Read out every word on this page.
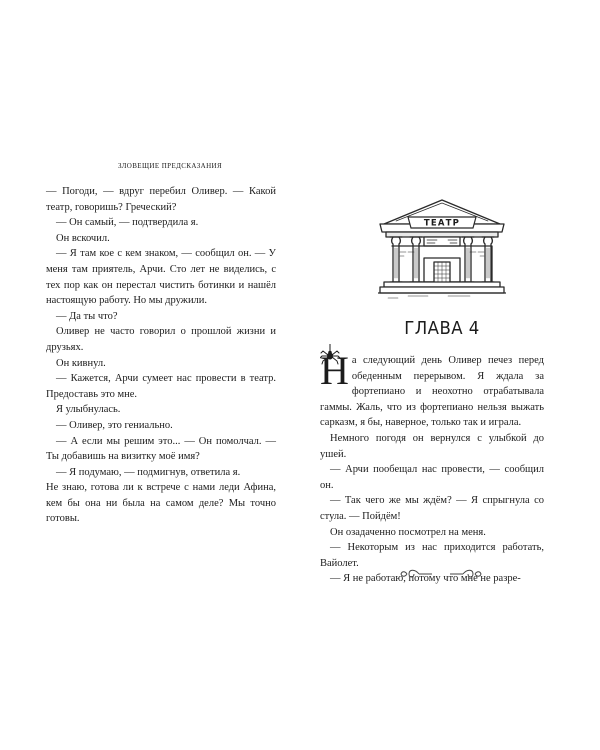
ЗЛОВЕЩИЕ ПРЕДСКАЗАНИЯ

— Погоди, — вдруг перебил Оливер. — Какой театр, говоришь? Греческий?

— Он самый, — подтвердила я.

Он вскочил.

— Я там кое с кем знаком, — сообщил он. — У меня там приятель, Арчи. Сто лет не виделись, с тех пор как он перестал чистить ботинки и нашёл настоящую работу. Но мы дружили.

— Да ты что?

Оливер не часто говорил о прошлой жизни и друзьях.

Он кивнул.

— Кажется, Арчи сумеет нас провести в театр. Предоставь это мне.

Я улыбнулась.

— Оливер, это гениально.

— А если мы решим это... — Он помолчал. — Ты добавишь на визитку моё имя?

— Я подумаю, — подмигнув, ответила я.

Не знаю, готова ли к встрече с нами леди Афина, кем бы она ни была на самом деле? Мы точно готовы.

ТЕАТР
ГЛАВА 4

На следующий день Оливер печез перед обеденным перерывом. Я ждала за фортепиано и неохотно отрабатывала гаммы. Жаль, что из фортепиано нельзя выжать сарказм, я бы, наверное, только так и играла.

Немного погодя он вернулся с улыбкой до ушей.

— Арчи пообещал нас провести, — сообщил он.

— Так чего же мы ждём? — Я спрыгнула со стула. — Пойдём!

Он озадаченно посмотрел на меня.

— Некоторым из нас приходится работать, Вайолет.

— Я не работаю, потому что мне не разре-
